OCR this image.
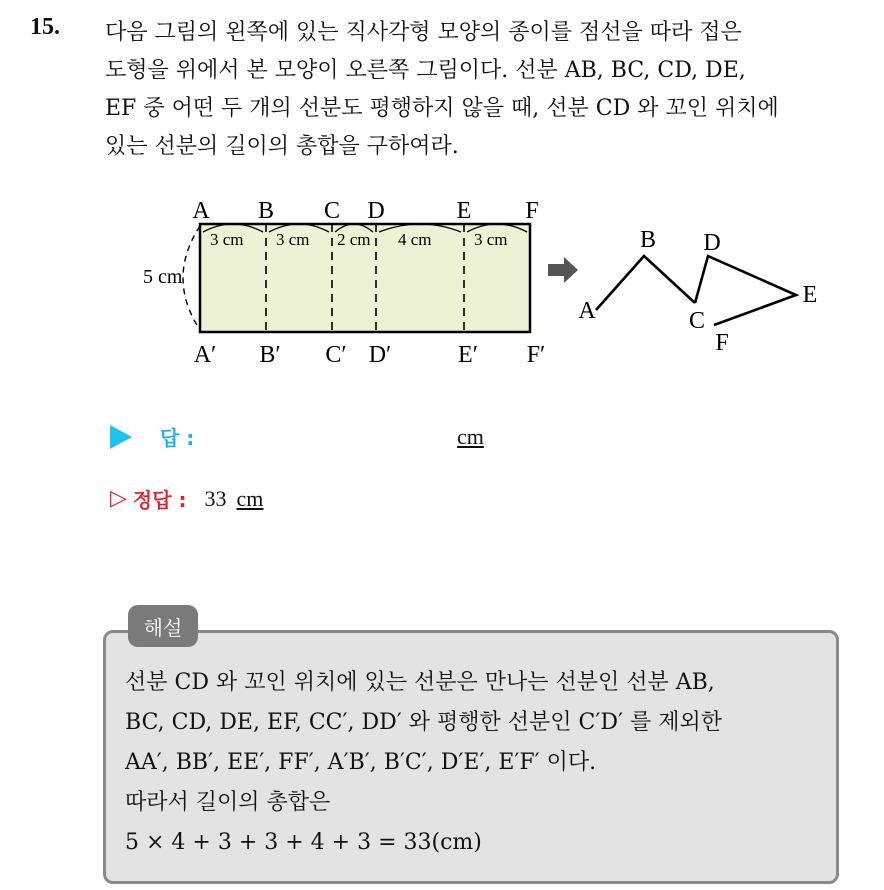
15. 다음 그림의 왼쪽에 있는 직사각형 모양의 종이를 점선을 따라 접은
도형을 위에서 본 모양이 오른쪽 그림이다. 선분 AB, BC, CD, DE,
EF 중 어떤 두 개의 선분도 평행하지 않을 때, 선분 CD 와 꼬인 위치에
있는 선분의 길이의 총합을 구하여라.
5 cm
3 cm 3 cm 2 cm 4 cm 3 cm
A B C D	E F
A′ B′ C′ D′	E′ F′
A
B
C
D
E
F
답 :	cm
▷ 정답 : 33 cm
해설
선분 CD 와 꼬인 위치에 있는 선분은 만나는 선분인 선분 AB,
BC, CD, DE, EF, CC′, DD′ 와 평행한 선분인 C′D′ 를 제외한
AA′, BB′, EE′, FF′, A′B′, B′C′, D′E′, E′F′ 이다.
따라서 길이의 총합은
5 × 4 + 3 + 3 + 4 + 3 = 33(cm)
